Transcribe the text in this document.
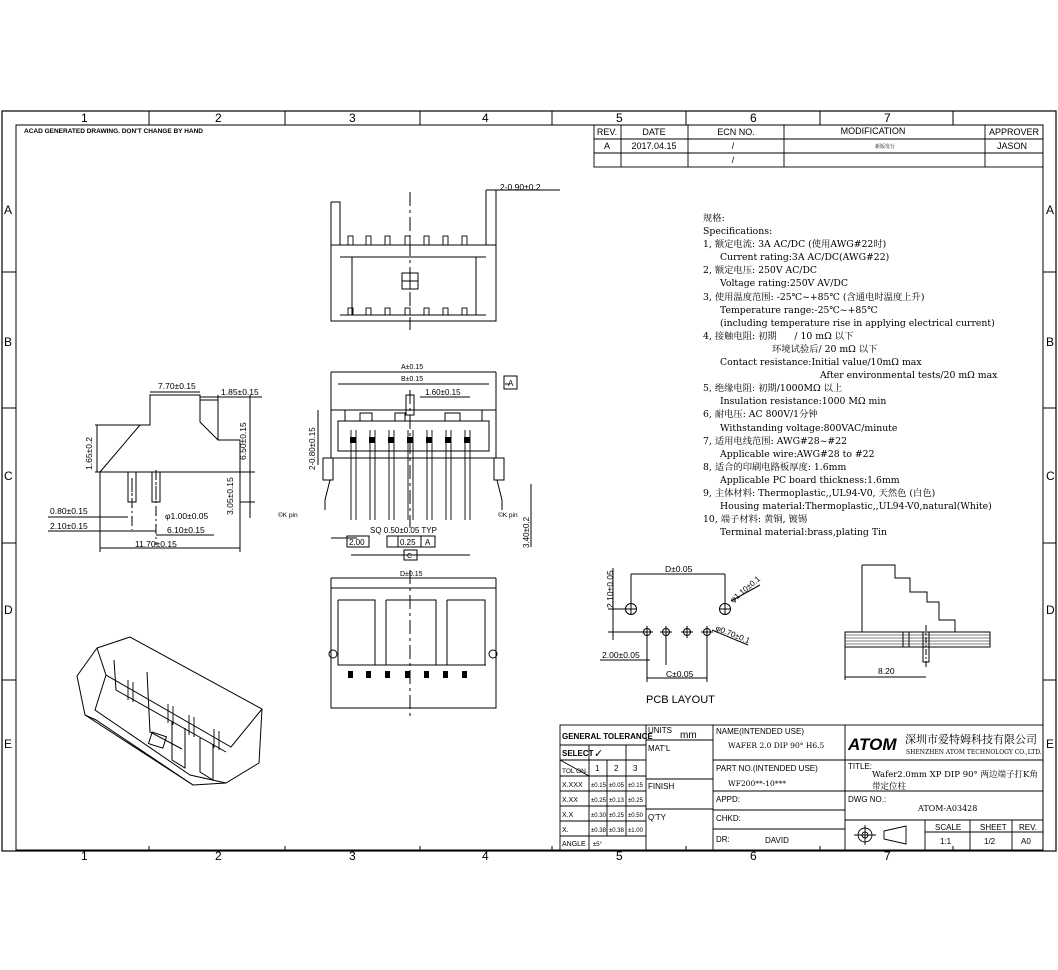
1	2	3	4	5	6	7
1	2	3	4	5	6	7
A
B
C
D
E
A
B
C
D
E
ACAD GENERATED DRAWING. DON'T CHANGE BY HAND	REV.	DATE	ECN NO.	MODIFICATION	APPROVER
A 2017.04.15	/	新版发行	JASON
/
2-0.90±0.2
7.70±0.15
1.85±0.15
1.65±0.2	6.50±0.15
3.05±0.15
0.80±0.15
2.10±0.15
φ1.00±0.05
6.10±0.15
11.70±0.15
A±0.15
B±0.15
1.60±0.15
A
2-0.80±0.15
©K pin	©K pin
SQ 0.50±0.05 TYP
2.00	0.25 A
C
3.40±0.2
D±0.15
D±0.05
2.10±0.05	φ1.10±0.1
φ0.70±0.1
2.00±0.05
C±0.05
PCB LAYOUT
8.20
GENERAL TOLERANCE
SELECT ✓
TOL ON. 1 2 3
X.XXX ±0.15 ±0.05 ±0.15
X.XX ±0.25 ±0.13 ±0.25
X.X	±0.30 ±0.25 ±0.50
X.	±0.38 ±0.38 ±1.00
ANGLE ±5°
UNITS mm
MAT'L
FINISH
Q'TY
NAME(INTENDED USE)
WAFER 2.0 DIP 90° H6.5
PART NO.(INTENDED USE)
WF200**-10***
APPD:
CHKD:
DR:	DAVID
ATOM 深圳市爱特姆科技有限公司
SHENZHEN ATOM TECHNOLOGY CO.,LTD.
TITLE:
Wafer2.0mm XP DIP 90° 两边端子打K角
带定位柱
DWG NO.:
ATOM-A03428
SCALE
1:1
SHEET
1/2
REV.
A0
规格:
Specifications:
1, 额定电流: 3A AC/DC (使用AWG#22时)
Current rating:3A AC/DC(AWG#22)
2, 额定电压: 250V AC/DC
Voltage rating:250V AV/DC
3, 使用温度范围: -25℃~+85℃ (含通电时温度上升)
Temperature range:-25℃~+85℃
(including temperature rise in applying electrical current)
4, 接触电阻: 初期      / 10 mΩ 以下
环境试验后/ 20 mΩ 以下
Contact resistance:Initial value/10mΩ max
After environmental tests/20 mΩ max
5, 绝缘电阻: 初期/1000MΩ 以上
Insulation resistance:1000 MΩ min
6, 耐电压: AC 800V/1分钟
Withstanding voltage:800VAC/minute
7, 适用电线范围: AWG#28~#22
Applicable wire:AWG#28 to #22
8, 适合的印刷电路板厚度: 1.6mm
Applicable PC board thickness:1.6mm
9, 主体材料: Thermoplastic,,UL94-V0, 天然色 (白色)
Housing material:Thermoplastic,,UL94-V0,natural(White)
10, 端子材料: 黄铜, 镀锡
Terminal material:brass,plating Tin
